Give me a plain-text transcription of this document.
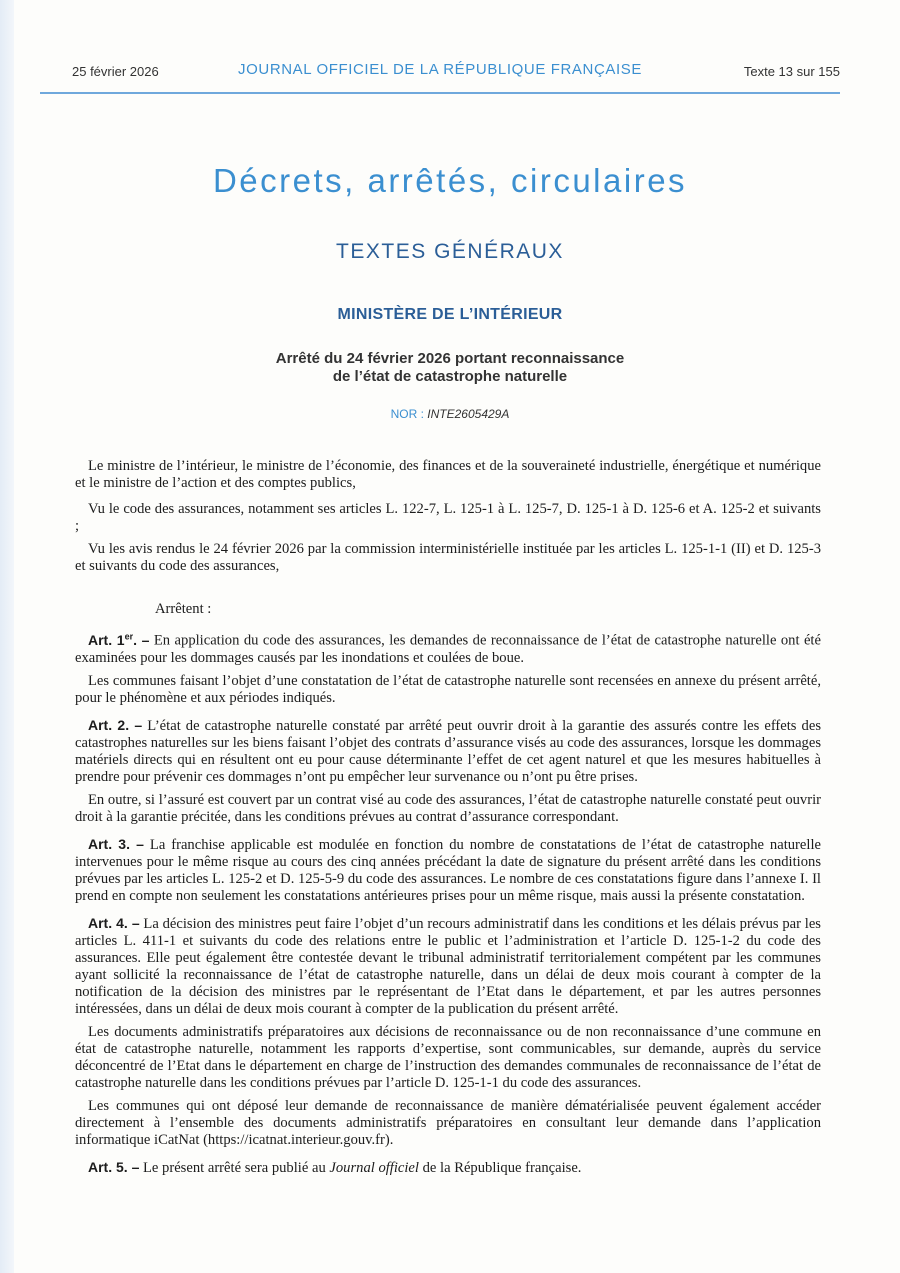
25 février 2026	JOURNAL OFFICIEL DE LA RÉPUBLIQUE FRANÇAISE	Texte 13 sur 155
Décrets, arrêtés, circulaires
TEXTES GÉNÉRAUX
MINISTÈRE DE L’INTÉRIEUR
Arrêté du 24 février 2026 portant reconnaissance
de l’état de catastrophe naturelle
NOR : INTE2605429A

Le ministre de l’intérieur, le ministre de l’économie, des finances et de la souveraineté industrielle, énergétique et numérique et le ministre de l’action et des comptes publics,

Vu le code des assurances, notamment ses articles L. 122-7, L. 125-1 à L. 125-7, D. 125-1 à D. 125-6 et A. 125-2 et suivants ;

Vu les avis rendus le 24 février 2026 par la commission interministérielle instituée par les articles L. 125-1-1 (II) et D. 125-3 et suivants du code des assurances,

Arrêtent :

Art. 1er. – En application du code des assurances, les demandes de reconnaissance de l’état de catastrophe naturelle ont été examinées pour les dommages causés par les inondations et coulées de boue.

Les communes faisant l’objet d’une constatation de l’état de catastrophe naturelle sont recensées en annexe du présent arrêté, pour le phénomène et aux périodes indiqués.

Art. 2. – L’état de catastrophe naturelle constaté par arrêté peut ouvrir droit à la garantie des assurés contre les effets des catastrophes naturelles sur les biens faisant l’objet des contrats d’assurance visés au code des assurances, lorsque les dommages matériels directs qui en résultent ont eu pour cause déterminante l’effet de cet agent naturel et que les mesures habituelles à prendre pour prévenir ces dommages n’ont pu empêcher leur survenance ou n’ont pu être prises.

En outre, si l’assuré est couvert par un contrat visé au code des assurances, l’état de catastrophe naturelle constaté peut ouvrir droit à la garantie précitée, dans les conditions prévues au contrat d’assurance correspondant.

Art. 3. – La franchise applicable est modulée en fonction du nombre de constatations de l’état de catastrophe naturelle intervenues pour le même risque au cours des cinq années précédant la date de signature du présent arrêté dans les conditions prévues par les articles L. 125-2 et D. 125-5-9 du code des assurances. Le nombre de ces constatations figure dans l’annexe I. Il prend en compte non seulement les constatations antérieures prises pour un même risque, mais aussi la présente constatation.

Art. 4. – La décision des ministres peut faire l’objet d’un recours administratif dans les conditions et les délais prévus par les articles L. 411-1 et suivants du code des relations entre le public et l’administration et l’article D. 125-1-2 du code des assurances. Elle peut également être contestée devant le tribunal administratif territorialement compétent par les communes ayant sollicité la reconnaissance de l’état de catastrophe naturelle, dans un délai de deux mois courant à compter de la notification de la décision des ministres par le représentant de l’Etat dans le département, et par les autres personnes intéressées, dans un délai de deux mois courant à compter de la publication du présent arrêté.

Les documents administratifs préparatoires aux décisions de reconnaissance ou de non reconnaissance d’une commune en état de catastrophe naturelle, notamment les rapports d’expertise, sont communicables, sur demande, auprès du service déconcentré de l’Etat dans le département en charge de l’instruction des demandes communales de reconnaissance de l’état de catastrophe naturelle dans les conditions prévues par l’article D. 125-1-1 du code des assurances.

Les communes qui ont déposé leur demande de reconnaissance de manière dématérialisée peuvent également accéder directement à l’ensemble des documents administratifs préparatoires en consultant leur demande dans l’application informatique iCatNat (https://icatnat.interieur.gouv.fr).

Art. 5. – Le présent arrêté sera publié au Journal officiel de la République française.
